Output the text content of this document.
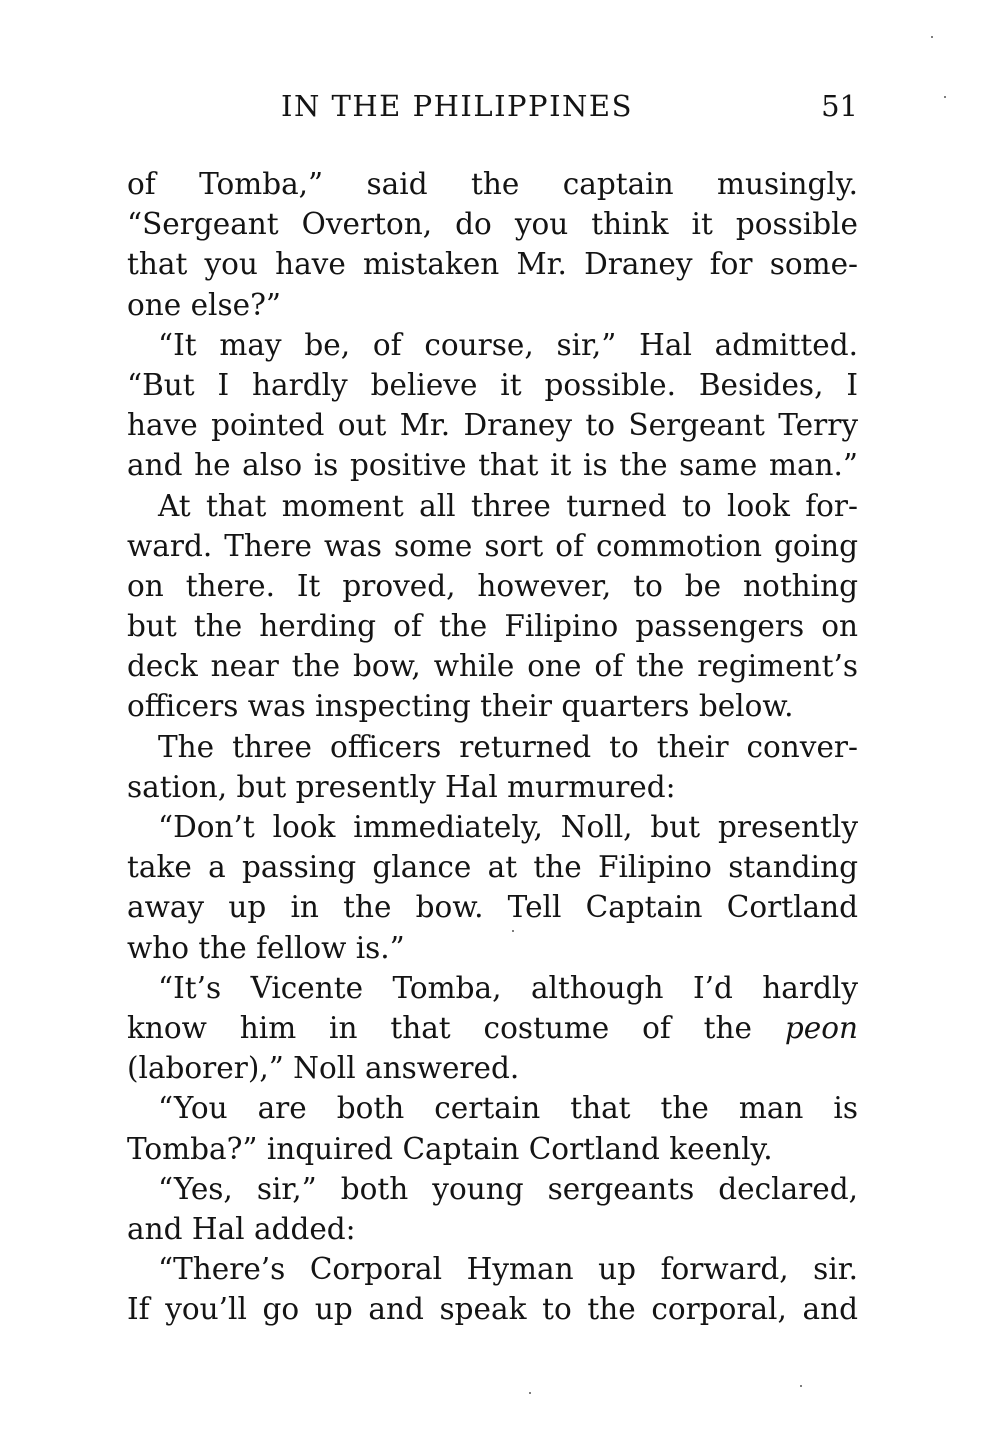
IN THE PHILIPPINES	51
of Tomba,” said the captain musingly.
“Sergeant Overton, do you think it possible
that you have mistaken Mr. Draney for some-
one else?”
“It may be, of course, sir,” Hal admitted.
“But I hardly believe it possible. Besides, I
have pointed out Mr. Draney to Sergeant Terry
and he also is positive that it is the same man.”
At that moment all three turned to look for-
ward. There was some sort of commotion going
on there. It proved, however, to be nothing
but the herding of the Filipino passengers on
deck near the bow, while one of the regiment’s
officers was inspecting their quarters below.
The three officers returned to their conver-
sation, but presently Hal murmured:
“Don’t look immediately, Noll, but presently
take a passing glance at the Filipino standing
away up in the bow. Tell Captain Cortland
who the fellow is.”
“It’s Vicente Tomba, although I’d hardly
know him in that costume of the peon
(laborer),” Noll answered.
“You are both certain that the man is
Tomba?” inquired Captain Cortland keenly.
“Yes, sir,” both young sergeants declared,
and Hal added:
“There’s Corporal Hyman up forward, sir.
If you’ll go up and speak to the corporal, and
